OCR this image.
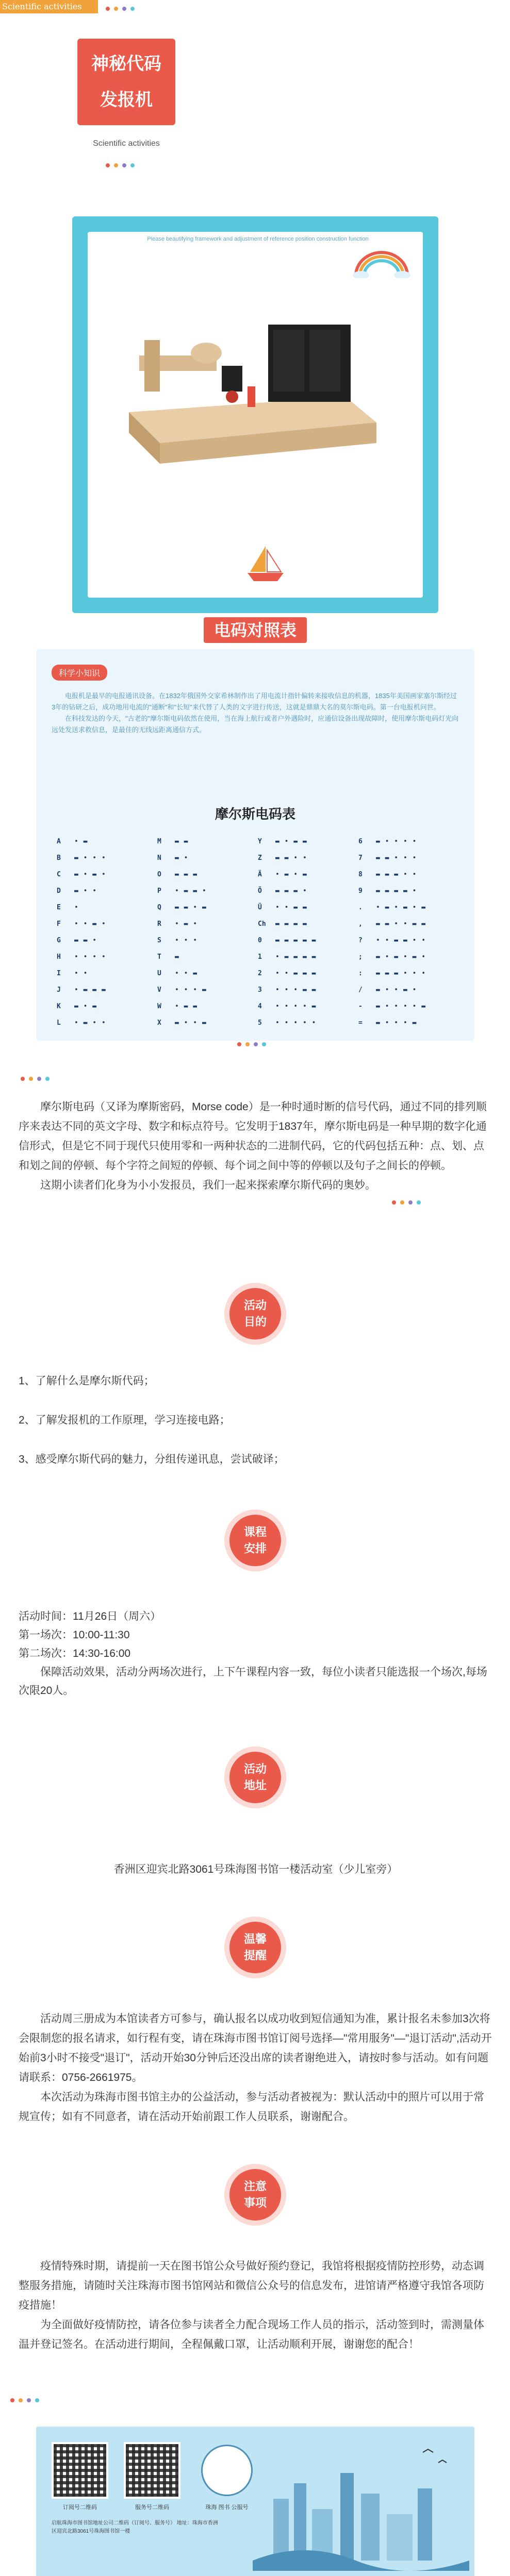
Scientific activities
神秘代码
发报机
Scientific activities
Please beautifying framework and adjustment of reference position construction function
电码对照表
科学小知识

电报机是最早的电报通讯设备。在1832年俄国外交家希林制作出了用电流计指针偏转来接收信息的机器，1835年美国画家塞尔斯经过3年的钻研之后，成功地用电流的"通断"和"长短"来代替了人类的文字进行传送，这就是鼎鼎大名的莫尔斯电码。第一台电报机问世。

在科技发达的今天，"古老的"摩尔斯电码依然在使用，当在海上航行或者户外遇险时，应通信设备出现故障时，使用摩尔斯电码灯光向远处发送求救信息，是最佳的无线远距离通信方式。

摩尔斯电码表
A	• ▬	M	▬ ▬	Y	▬ • ▬ ▬	6	▬ • • • •
B	▬ • • •	N	▬ •	Z	▬ ▬ • •	7	▬ ▬ • • •
C	▬ • ▬ •	O	▬ ▬ ▬	Ä	• ▬ • ▬	8	▬ ▬ ▬ • •
D	▬ • •	P	• ▬ ▬ •	Ö	▬ ▬ ▬ •	9	▬ ▬ ▬ ▬ •
E	•	Q	▬ ▬ • ▬	Ü	• • ▬ ▬	.	• ▬ • ▬ • ▬
F	• • ▬ •	R	• ▬ •	Ch	▬ ▬ ▬ ▬	,	▬ ▬ • • ▬ ▬
G	▬ ▬ •	S	• • •	0	▬ ▬ ▬ ▬ ▬	?	• • ▬ ▬ • •
H	• • • •	T	▬	1	• ▬ ▬ ▬ ▬	;	▬ • ▬ • ▬ •
I	• •	U	• • ▬	2	• • ▬ ▬ ▬	:	▬ ▬ ▬ • • •
J	• ▬ ▬ ▬	V	• • • ▬	3	• • • ▬ ▬	/	▬ • • ▬ •
K	▬ • ▬	W	• ▬ ▬	4	• • • • ▬	-	▬ • • • • ▬
L	• ▬ • •	X	▬ • • ▬	5	• • • • •	=	▬ • • • ▬

摩尔斯电码（又译为摩斯密码，Morse code）是一种时通时断的信号代码，通过不同的排列顺序来表达不同的英文字母、数字和标点符号。它发明于1837年，摩尔斯电码是一种早期的数字化通信形式，但是它不同于现代只使用零和一两种状态的二进制代码，它的代码包括五种：点、划、点和划之间的停顿、每个字符之间短的停顿、每个词之间中等的停顿以及句子之间长的停顿。

这期小读者们化身为小小发报员，我们一起来探索摩尔斯代码的奥妙。

活动
目的

1、了解什么是摩尔斯代码；

2、了解发报机的工作原理，学习连接电路；

3、感受摩尔斯代码的魅力，分组传递讯息，尝试破译；

课程
安排

活动时间：11月26日（周六）

第一场次：10:00-11:30

第二场次：14:30-16:00

保障活动效果，活动分两场次进行，上下午课程内容一致，每位小读者只能选报一个场次,每场次限20人。

活动
地址
香洲区迎宾北路3061号珠海图书馆一楼活动室（少儿室旁）
温馨
提醒

活动周三册成为本馆读者方可参与，确认报名以成功收到短信通知为准，累计报名未参加3次将会限制您的报名请求，如行程有变，请在珠海市图书馆订阅号选择—"常用服务"—"退订活动",活动开始前3小时不接受"退订"，活动开始30分钟后还没出席的读者谢绝进入，请按时参与活动。如有问题请联系：0756-2661975。

本次活动为珠海市图书馆主办的公益活动，参与活动者被视为：默认活动中的照片可以用于常规宣传；如有不同意者，请在活动开始前跟工作人员联系，谢谢配合。

注意
事项

疫情特殊时期，请提前一天在图书馆公众号做好预约登记，我馆将根据疫情防控形势，动态调整服务措施，请随时关注珠海市图书馆网站和微信公众号的信息发布，进馆请严格遵守我馆各项防疫措施！

为全面做好疫情防控，请各位参与读者全力配合现场工作人员的指示，活动签到时，需测量体温并登记签名。在活动进行期间，全程佩戴口罩，让活动顺利开展，谢谢您的配合！

订阅号二维码	服务号二维码	珠海 图书 公服号
启航珠海市图书馆地址公司二维码（订阅号、服务号） 地址：珠海市香洲区迎宾北路3061号珠海图书馆一楼
